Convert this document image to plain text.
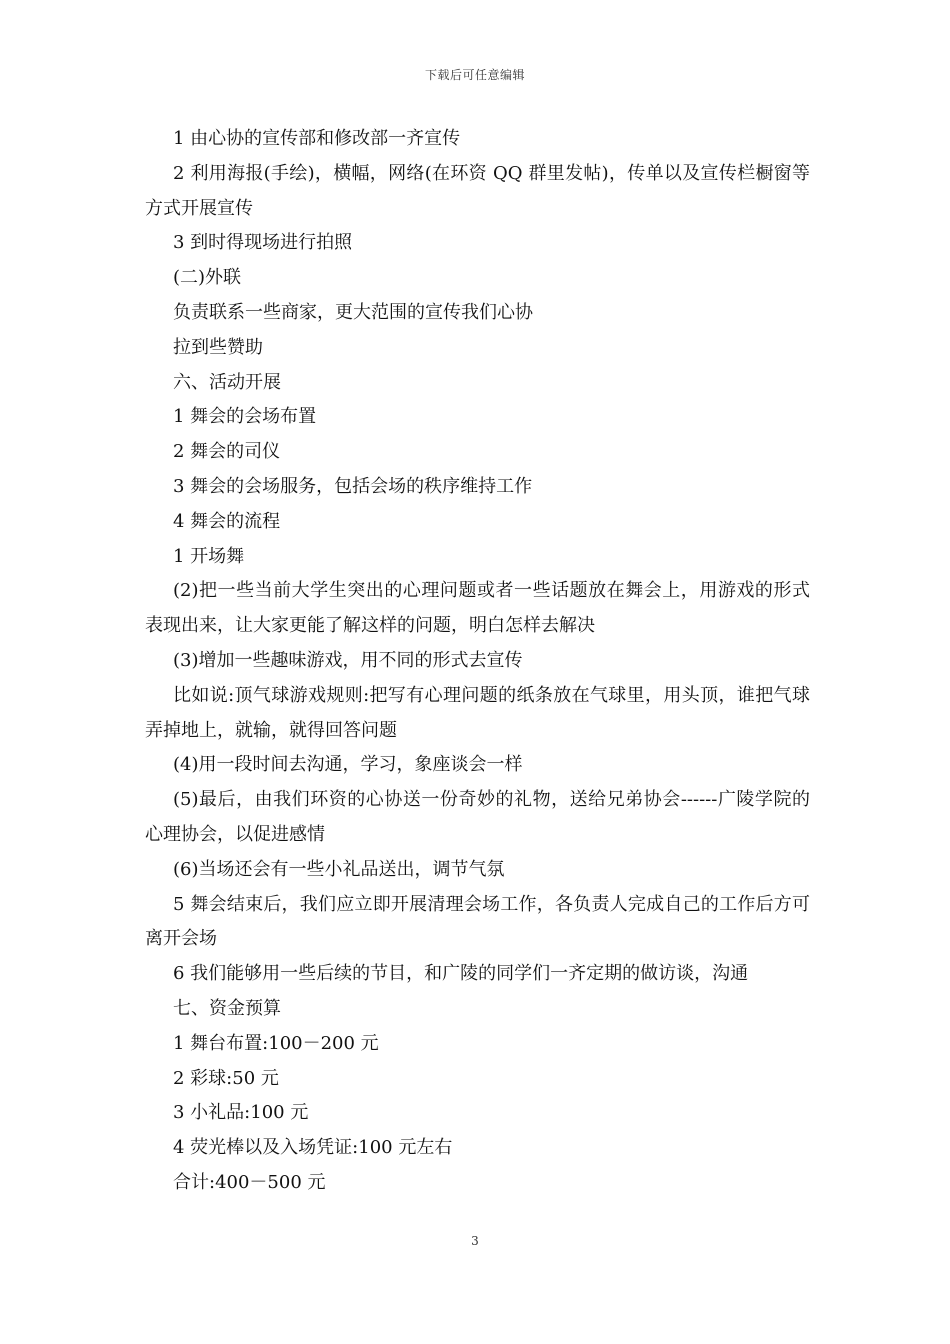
下载后可任意编辑

1 由心协的宣传部和修改部一齐宣传

2 利用海报(手绘)，横幅，网络(在环资 QQ 群里发帖)，传单以及宣传栏橱窗等方式开展宣传

3 到时得现场进行拍照

(二)外联

负责联系一些商家，更大范围的宣传我们心协

拉到些赞助

六、活动开展

1 舞会的会场布置

2 舞会的司仪

3 舞会的会场服务，包括会场的秩序维持工作

4 舞会的流程

1 开场舞

(2)把一些当前大学生突出的心理问题或者一些话题放在舞会上，用游戏的形式表现出来，让大家更能了解这样的问题，明白怎样去解决

(3)增加一些趣味游戏，用不同的形式去宣传

比如说:顶气球游戏规则:把写有心理问题的纸条放在气球里，用头顶，谁把气球弄掉地上，就输，就得回答问题

(4)用一段时间去沟通，学习，象座谈会一样

(5)最后，由我们环资的心协送一份奇妙的礼物，送给兄弟协会------广陵学院的心理协会，以促进感情

(6)当场还会有一些小礼品送出，调节气氛

5 舞会结束后，我们应立即开展清理会场工作，各负责人完成自己的工作后方可离开会场

6 我们能够用一些后续的节目，和广陵的同学们一齐定期的做访谈，沟通

七、资金预算

1 舞台布置:100－200 元

2 彩球:50 元

3 小礼品:100 元

4 荧光棒以及入场凭证:100 元左右

合计:400－500 元

3
